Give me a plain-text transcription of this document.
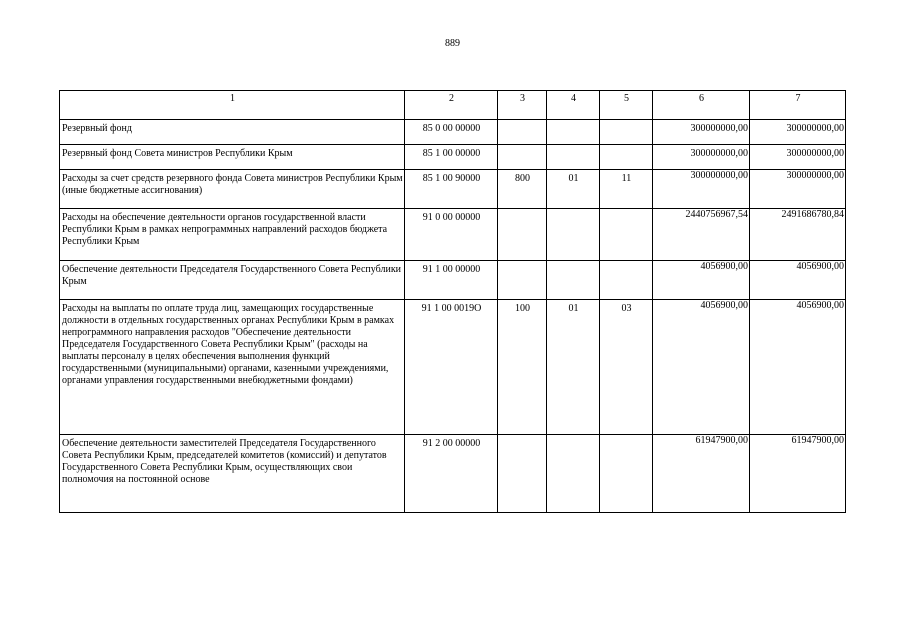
889
1	2	3	4	5	6	7
Резервный фонд	85 0 00 00000				300000000,00	300000000,00
Резервный фонд Совета министров Республики Крым	85 1 00 00000				300000000,00	300000000,00
Расходы за счет средств резервного фонда Совета министров Республики Крым (иные бюджетные ассигнования)	85 1 00 90000	800	01	11	300000000,00	300000000,00
Расходы на обеспечение деятельности органов государственной власти Республики Крым в рамках непрограммных направлений расходов бюджета Республики Крым	91 0 00 00000				2440756967,54	2491686780,84
Обеспечение деятельности Председателя Государственного Совета Республики Крым	91 1 00 00000				4056900,00	4056900,00
Расходы на выплаты по оплате труда лиц, замещающих государственные должности в отдельных государственных органах Республики Крым в рамках непрограммного направления расходов "Обеспечение деятельности Председателя Государственного Совета Республики Крым" (расходы на выплаты персоналу в целях обеспечения выполнения функций государственными (муниципальными) органами, казенными учреждениями, органами управления государственными внебюджетными фондами)	91 1 00 0019О	100	01	03	4056900,00	4056900,00
Обеспечение деятельности заместителей Председателя Государственного Совета Республики Крым, председателей комитетов (комиссий) и депутатов Государственного Совета Республики Крым, осуществляющих свои полномочия на постоянной основе	91 2 00 00000				61947900,00	61947900,00
